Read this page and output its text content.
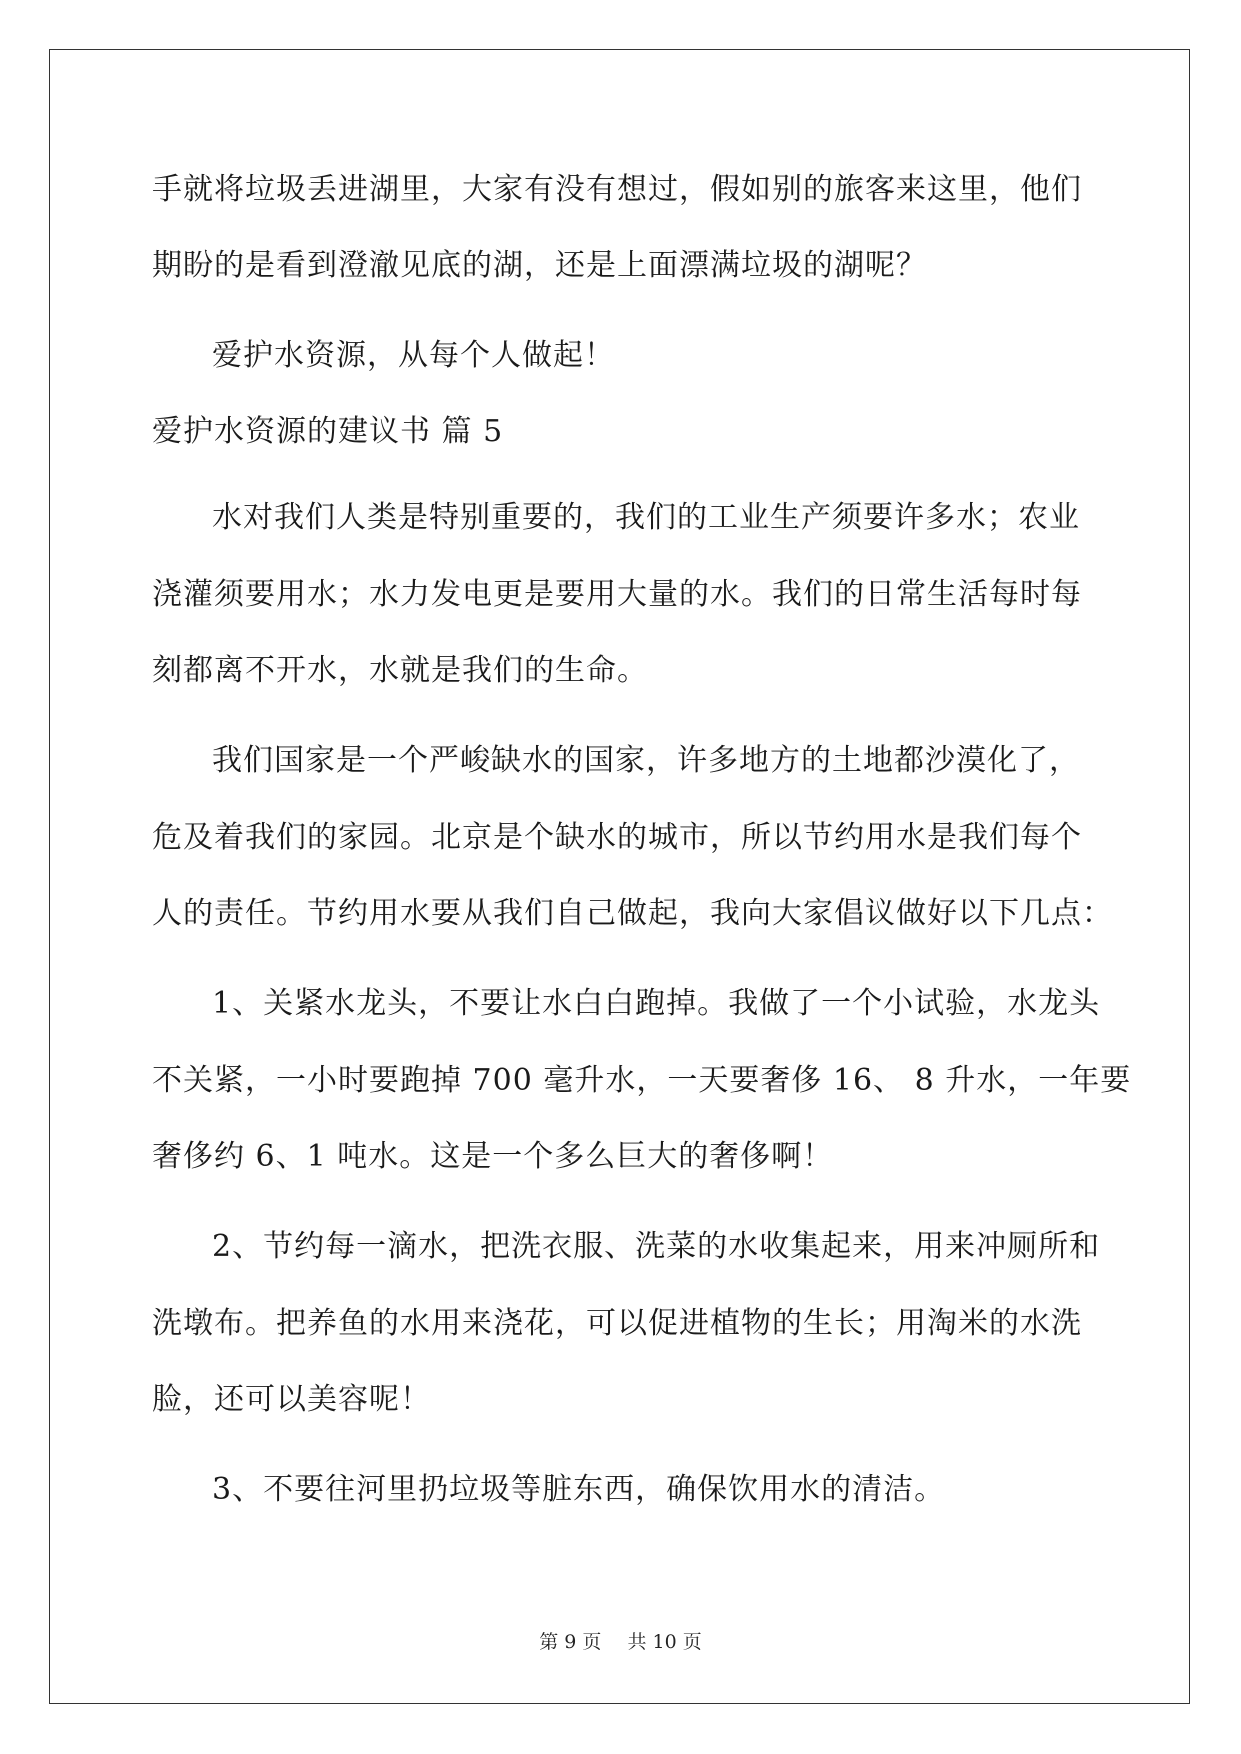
手就将垃圾丢进湖里，大家有没有想过，假如别的旅客来这里，他们
期盼的是看到澄澈见底的湖，还是上面漂满垃圾的湖呢？
爱护水资源，从每个人做起！
爱护水资源的建议书 篇 5
水对我们人类是特别重要的，我们的工业生产须要许多水；农业
浇灌须要用水；水力发电更是要用大量的水。我们的日常生活每时每
刻都离不开水，水就是我们的生命。
我们国家是一个严峻缺水的国家，许多地方的土地都沙漠化了，
危及着我们的家园。北京是个缺水的城市，所以节约用水是我们每个
人的责任。节约用水要从我们自己做起，我向大家倡议做好以下几点：
1、关紧水龙头，不要让水白白跑掉。我做了一个小试验，水龙头
不关紧，一小时要跑掉 700 毫升水，一天要奢侈 16、 8 升水，一年要
奢侈约 6、1 吨水。这是一个多么巨大的奢侈啊！
2、节约每一滴水，把洗衣服、洗菜的水收集起来，用来冲厕所和
洗墩布。把养鱼的水用来浇花，可以促进植物的生长；用淘米的水洗
脸，还可以美容呢！
3、不要往河里扔垃圾等脏东西，确保饮用水的清洁。
第 9 页 共 10 页
